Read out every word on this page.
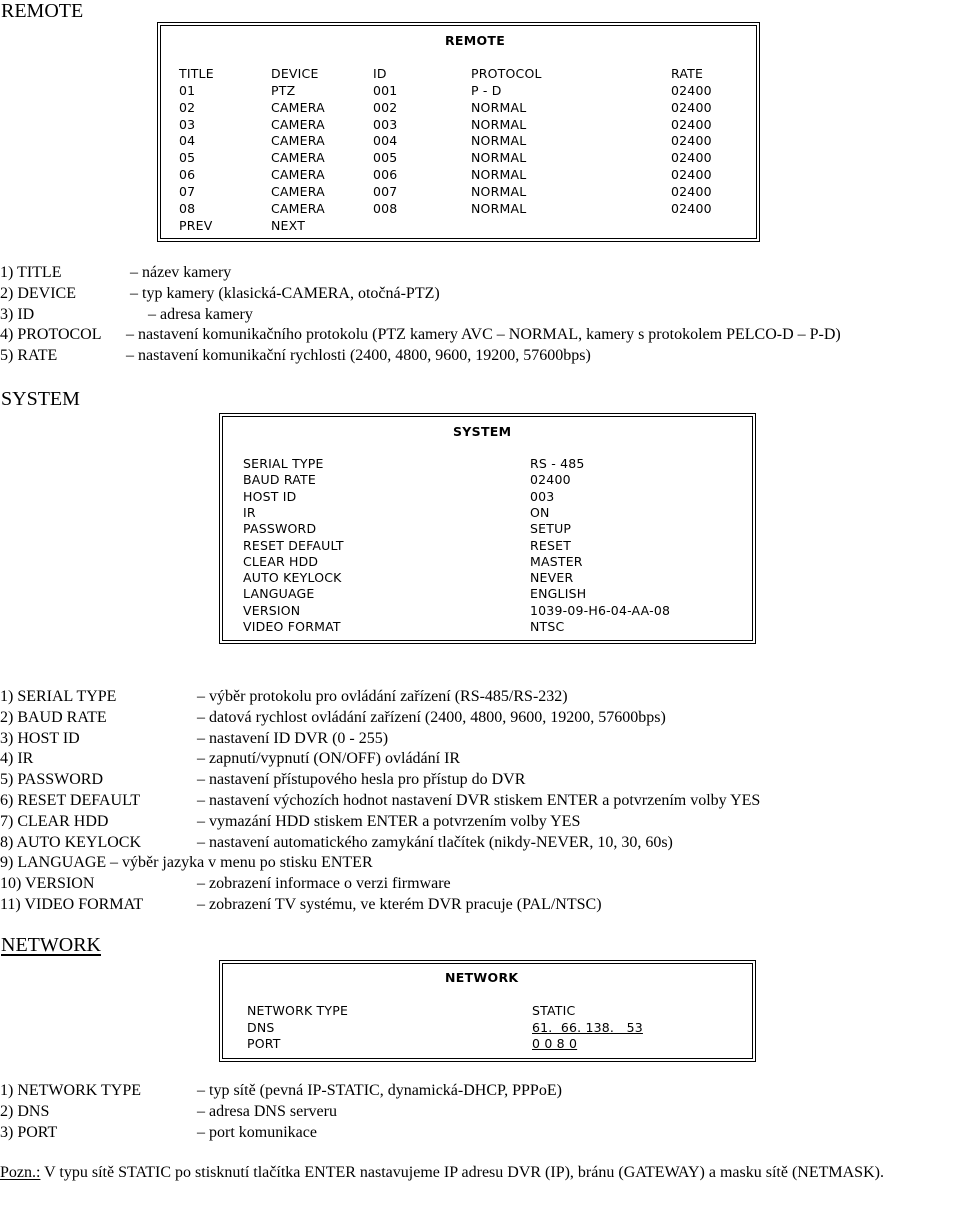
REMOTE
REMOTE
TITLE	DEVICE	ID	PROTOCOL	RATE
01	PTZ	001	P - D	02400
02	CAMERA	002	NORMAL	02400
03	CAMERA	003	NORMAL	02400
04	CAMERA	004	NORMAL	02400
05	CAMERA	005	NORMAL	02400
06	CAMERA	006	NORMAL	02400
07	CAMERA	007	NORMAL	02400
08	CAMERA	008	NORMAL	02400
PREV	NEXT
1) TITLE	– název kamery
2) DEVICE	– typ kamery (klasická-CAMERA, otočná-PTZ)
3) ID	– adresa kamery
4) PROTOCOL – nastavení komunikačního protokolu (PTZ kamery AVC – NORMAL, kamery s protokolem PELCO-D – P-D)
5) RATE	– nastavení komunikační rychlosti (2400, 4800, 9600, 19200, 57600bps)
SYSTEM
SYSTEM
SERIAL TYPE	RS - 485
BAUD RATE	02400
HOST ID	003
IR	ON
PASSWORD	SETUP
RESET DEFAULT	RESET
CLEAR HDD	MASTER
AUTO KEYLOCK	NEVER
LANGUAGE	ENGLISH
VERSION	1039-09-H6-04-AA-08
VIDEO FORMAT	NTSC
1) SERIAL TYPE	– výběr protokolu pro ovládání zařízení (RS-485/RS-232)
2) BAUD RATE	– datová rychlost ovládání zařízení (2400, 4800, 9600, 19200, 57600bps)
3) HOST ID	– nastavení ID DVR (0 - 255)
4) IR	– zapnutí/vypnutí (ON/OFF) ovládání IR
5) PASSWORD	– nastavení přístupového hesla pro přístup do DVR
6) RESET DEFAULT	– nastavení výchozích hodnot nastavení DVR stiskem ENTER a potvrzením volby YES
7) CLEAR HDD	– vymazání HDD stiskem ENTER a potvrzením volby YES
8) AUTO KEYLOCK	– nastavení automatického zamykání tlačítek (nikdy-NEVER, 10, 30, 60s)
9) LANGUAGE – výběr jazyka v menu po stisku ENTER
10) VERSION	– zobrazení informace o verzi firmware
11) VIDEO FORMAT	– zobrazení TV systému, ve kterém DVR pracuje (PAL/NTSC)
NETWORK
NETWORK
NETWORK TYPE	STATIC
DNS	61.  66. 138.   53
PORT	0 0 8 0
1) NETWORK TYPE	– typ sítě (pevná IP-STATIC, dynamická-DHCP, PPPoE)
2) DNS	– adresa DNS serveru
3) PORT	– port komunikace
Pozn.: V typu sítě STATIC po stisknutí tlačítka ENTER nastavujeme IP adresu DVR (IP), bránu (GATEWAY) a masku sítě (NETMASK).
